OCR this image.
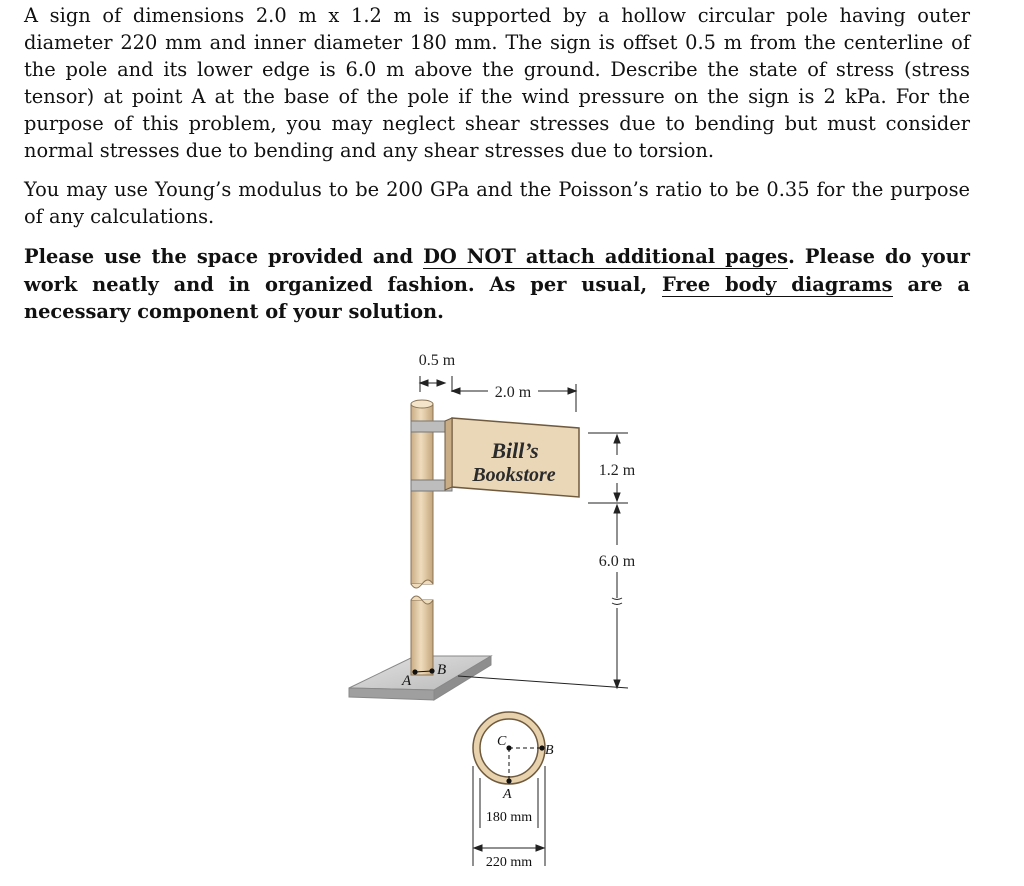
A sign of dimensions 2.0 m x 1.2 m is supported by a hollow circular pole having outer diameter 220 mm and inner diameter 180 mm. The sign is offset 0.5 m from the centerline of the pole and its lower edge is 6.0 m above the ground. Describe the state of stress (stress tensor) at point A at the base of the pole if the wind pressure on the sign is 2 kPa. For the purpose of this problem, you may neglect shear stresses due to bending but must consider normal stresses due to bending and any shear stresses due to torsion.

You may use Young’s modulus to be 200 GPa and the Poisson’s ratio to be 0.35 for the purpose of any calculations.

Please use the space provided and DO NOT attach additional pages. Please do your work neatly and in organized fashion. As per usual, Free body diagrams are a necessary component of your solution.

Bill’s
Bookstore
0.5 m
2.0 m
1.2 m
6.0 m
A
B
C
B
A
180 mm
220 mm
